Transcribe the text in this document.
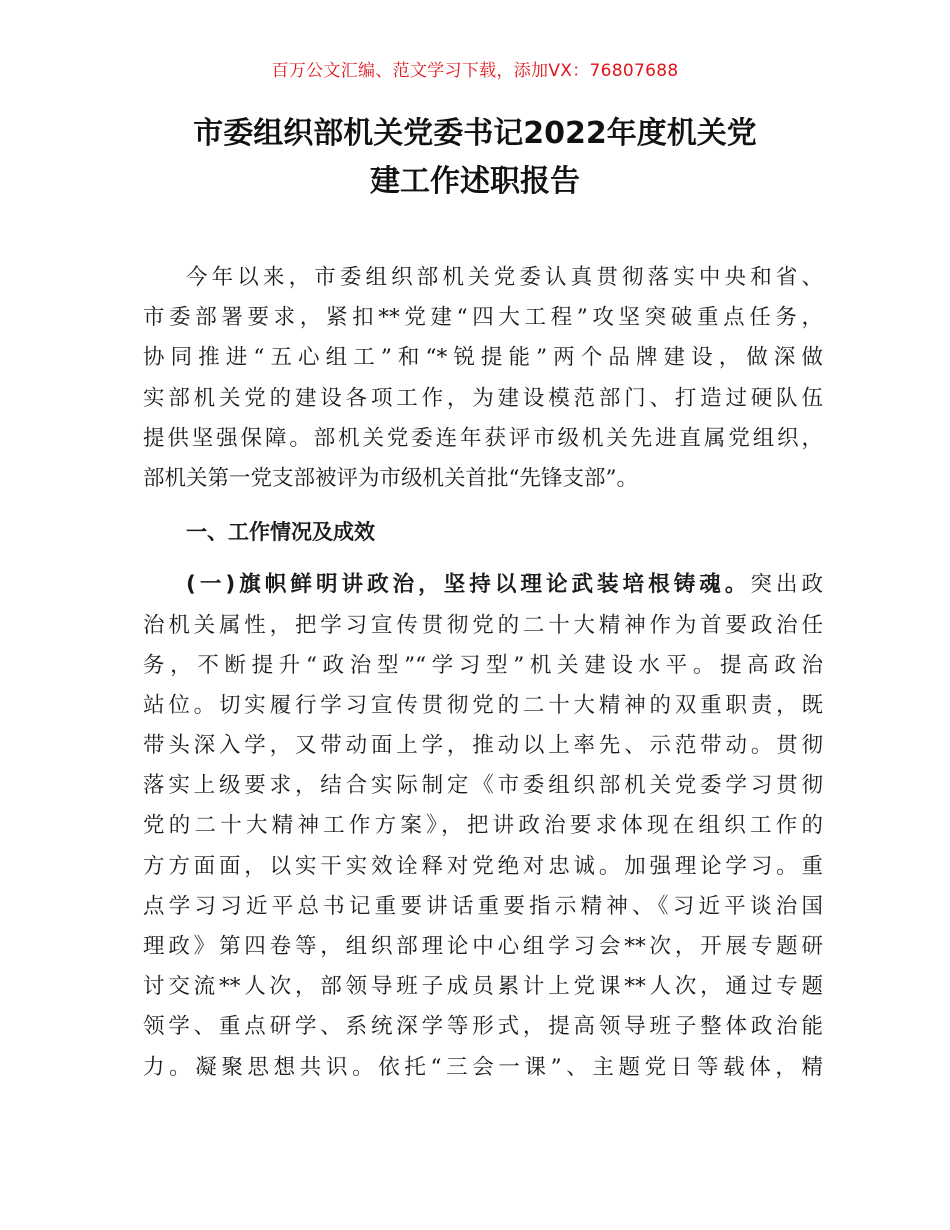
百万公文汇编、范文学习下载，添加VX：76807688
市委组织部机关党委书记2022年度机关党
建工作述职报告
今年以来，市委组织部机关党委认真贯彻落实中央和省、
市委部署要求，紧扣**党建“四大工程”攻坚突破重点任务，
协同推进“五心组工”和“*锐提能”两个品牌建设，做深做
实部机关党的建设各项工作，为建设模范部门、打造过硬队伍
提供坚强保障。部机关党委连年获评市级机关先进直属党组织，
部机关第一党支部被评为市级机关首批“先锋支部”。
一、工作情况及成效
(一)旗帜鲜明讲政治，坚持以理论武装培根铸魂。突出政
治机关属性，把学习宣传贯彻党的二十大精神作为首要政治任
务，不断提升“政治型”“学习型”机关建设水平。提高政治
站位。切实履行学习宣传贯彻党的二十大精神的双重职责，既
带头深入学，又带动面上学，推动以上率先、示范带动。贯彻
落实上级要求，结合实际制定《市委组织部机关党委学习贯彻
党的二十大精神工作方案》，把讲政治要求体现在组织工作的
方方面面，以实干实效诠释对党绝对忠诚。加强理论学习。重
点学习习近平总书记重要讲话重要指示精神、《习近平谈治国
理政》第四卷等，组织部理论中心组学习会**次，开展专题研
讨交流**人次，部领导班子成员累计上党课**人次，通过专题
领学、重点研学、系统深学等形式，提高领导班子整体政治能
力。凝聚思想共识。依托“三会一课”、主题党日等载体，精
